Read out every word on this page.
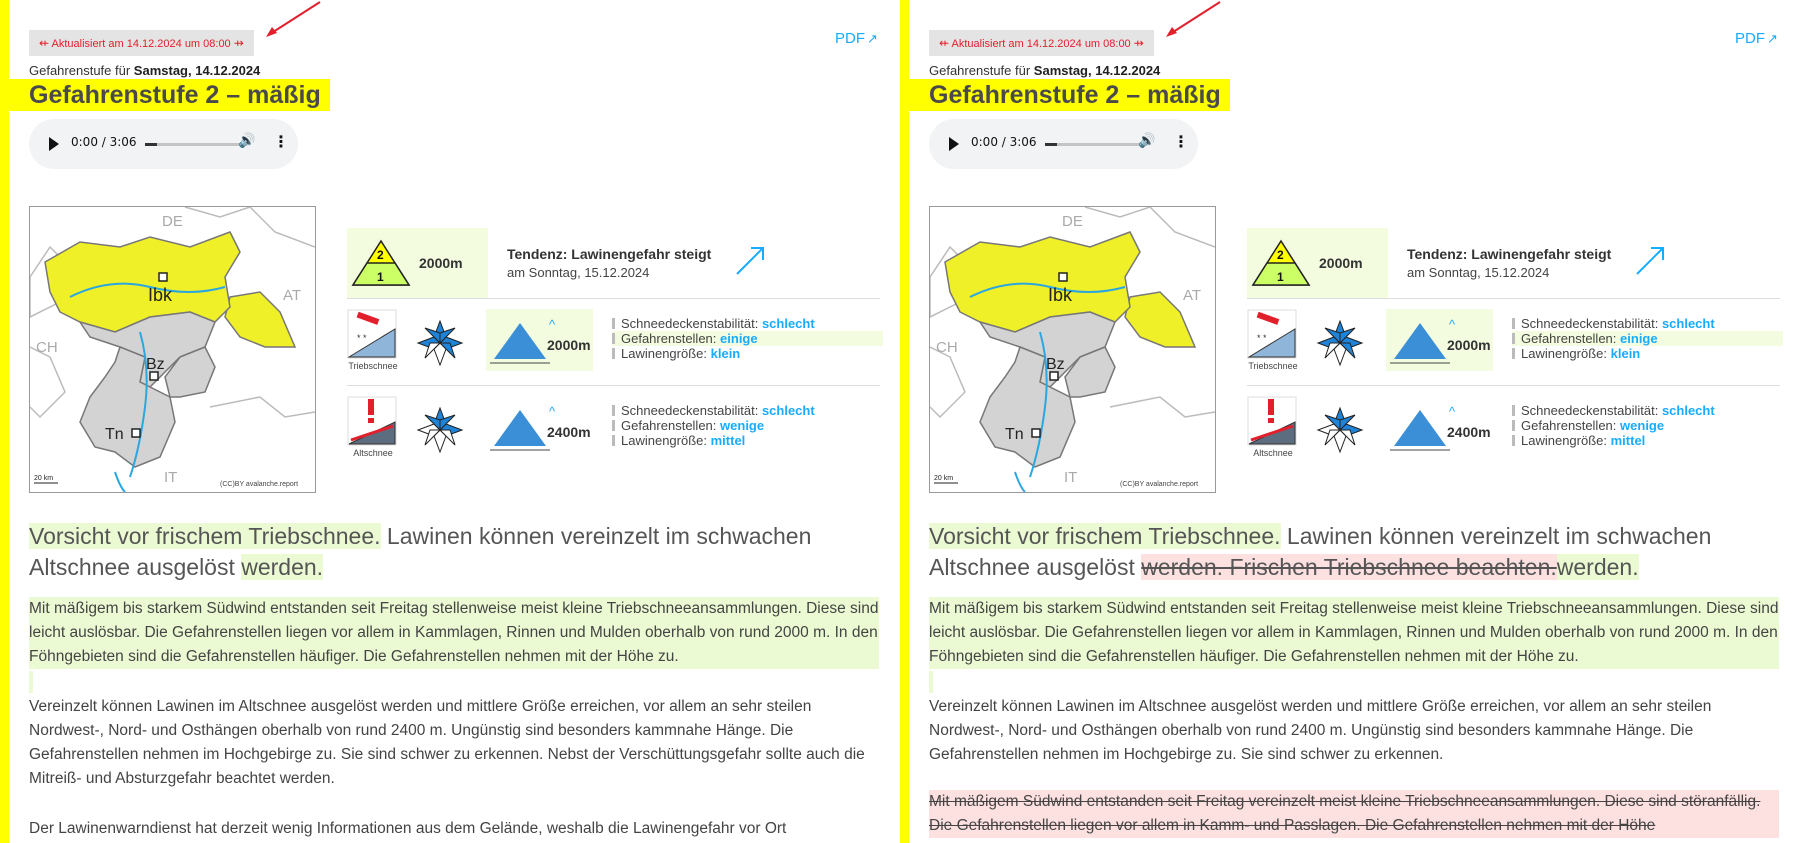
⇷ Aktualisiert am 14.12.2024 um 08:00 ⇸	PDF ↗
Gefahrenstufe für Samstag, 14.12.2024
Gefahrenstufe 2 – mäßig
0:00 / 3:06	🔊 ⋮
DE
AT
CH
IT
Ibk
Bz
Tn
20 km
(CC)BY avalanche.report
2
1
2000m
Tendenz: Lawinengefahr steigt
am Sonntag, 15.12.2024
* *
Triebschnee
^
2000m
Schneedeckenstabilität: schlecht
Gefahrenstellen: einige
Lawinengröße: klein
Altschnee
^
2400m
Schneedeckenstabilität: schlecht
Gefahrenstellen: wenige
Lawinengröße: mittel
Vorsicht vor frischem Triebschnee. Lawinen können vereinzelt im schwachen Altschnee ausgelöst werden.
Mit mäßigem bis starkem Südwind entstanden seit Freitag stellenweise meist kleine Triebschneeansammlungen. Diese sind leicht auslösbar. Die Gefahrenstellen liegen vor allem in Kammlagen, Rinnen und Mulden oberhalb von rund 2000 m. In den Föhngebieten sind die Gefahrenstellen häufiger. Die Gefahrenstellen nehmen mit der Höhe zu.
Vereinzelt können Lawinen im Altschnee ausgelöst werden und mittlere Größe erreichen, vor allem an sehr steilen Nordwest-, Nord- und Osthängen oberhalb von rund 2400 m. Ungünstig sind besonders kammnahe Hänge. Die Gefahrenstellen nehmen im Hochgebirge zu. Sie sind schwer zu erkennen. Nebst der Verschüttungsgefahr sollte auch die Mitreiß- und Absturzgefahr beachtet werden.
Der Lawinenwarndienst hat derzeit wenig Informationen aus dem Gelände, weshalb die Lawinengefahr vor Ort
⇷ Aktualisiert am 14.12.2024 um 08:00 ⇸	PDF ↗
Gefahrenstufe für Samstag, 14.12.2024
Gefahrenstufe 2 – mäßig
0:00 / 3:06	🔊 ⋮
DE
AT
CH
IT
Ibk
Bz
Tn
20 km
(CC)BY avalanche.report
2
1
2000m
Tendenz: Lawinengefahr steigt
am Sonntag, 15.12.2024
* *
Triebschnee
^
2000m
Schneedeckenstabilität: schlecht
Gefahrenstellen: einige
Lawinengröße: klein
Altschnee
^
2400m
Schneedeckenstabilität: schlecht
Gefahrenstellen: wenige
Lawinengröße: mittel
Vorsicht vor frischem Triebschnee. Lawinen können vereinzelt im schwachen Altschnee ausgelöst werden. Frischen Triebschnee beachten.werden.
Mit mäßigem bis starkem Südwind entstanden seit Freitag stellenweise meist kleine Triebschneeansammlungen. Diese sind leicht auslösbar. Die Gefahrenstellen liegen vor allem in Kammlagen, Rinnen und Mulden oberhalb von rund 2000 m. In den Föhngebieten sind die Gefahrenstellen häufiger. Die Gefahrenstellen nehmen mit der Höhe zu.
Vereinzelt können Lawinen im Altschnee ausgelöst werden und mittlere Größe erreichen, vor allem an sehr steilen Nordwest-, Nord- und Osthängen oberhalb von rund 2400 m. Ungünstig sind besonders kammnahe Hänge. Die Gefahrenstellen nehmen im Hochgebirge zu. Sie sind schwer zu erkennen.
Mit mäßigem Südwind entstanden seit Freitag vereinzelt meist kleine Triebschneeansammlungen. Diese sind störanfällig. Die Gefahrenstellen liegen vor allem in Kamm- und Passlagen. Die Gefahrenstellen nehmen mit der Höhe
